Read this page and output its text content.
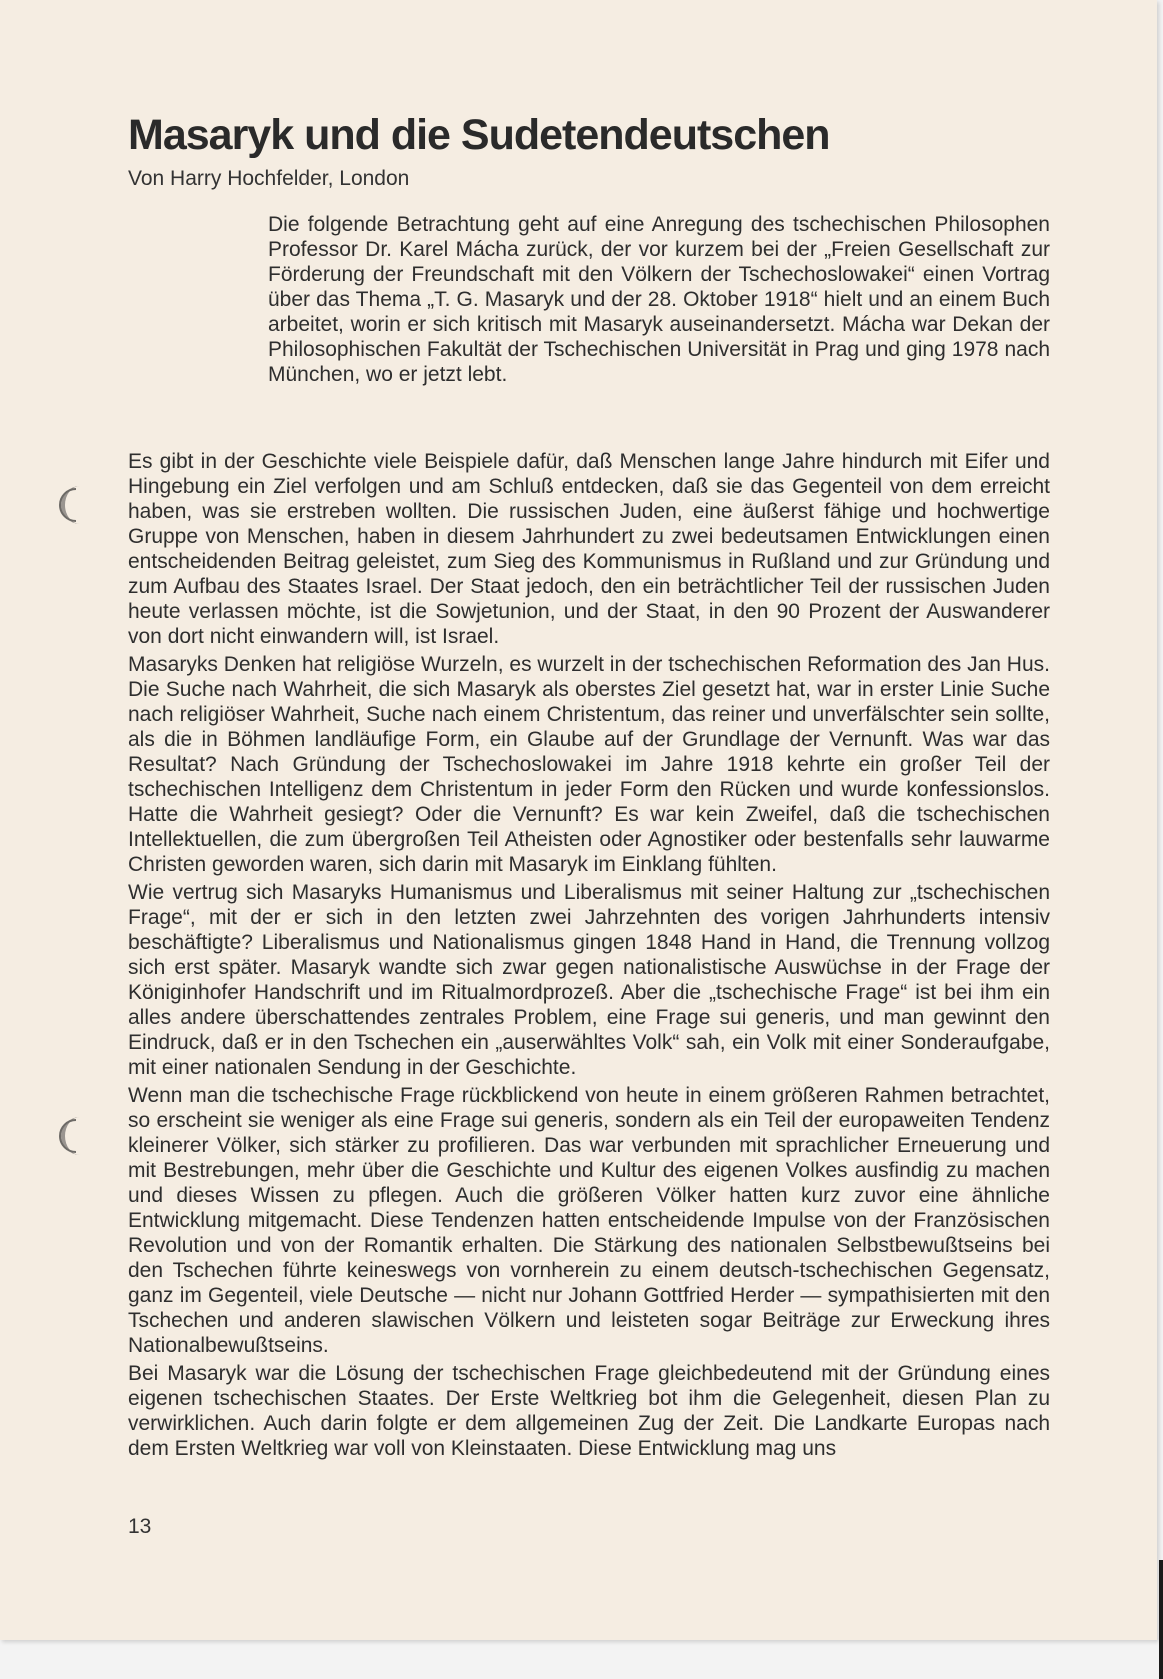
Masaryk und die Sudetendeutschen
Von Harry Hochfelder, London

Die folgende Betrachtung geht auf eine Anregung des tschechischen Philosophen Professor Dr. Karel Mácha zurück, der vor kurzem bei der „Freien Gesellschaft zur Förderung der Freundschaft mit den Völkern der Tschechoslowakei“ einen Vortrag über das Thema „T. G. Masaryk und der 28. Oktober 1918“ hielt und an einem Buch arbeitet, worin er sich kritisch mit Masaryk auseinandersetzt. Mácha war Dekan der Philosophischen Fakultät der Tschechischen Universität in Prag und ging 1978 nach München, wo er jetzt lebt.

Es gibt in der Geschichte viele Beispiele dafür, daß Menschen lange Jahre hindurch mit Eifer und Hingebung ein Ziel verfolgen und am Schluß entdecken, daß sie das Gegenteil von dem erreicht haben, was sie erstreben wollten. Die russischen Juden, eine äußerst fähige und hochwertige Gruppe von Menschen, haben in diesem Jahrhundert zu zwei bedeutsamen Entwicklungen einen entscheidenden Beitrag geleistet, zum Sieg des Kommunismus in Rußland und zur Gründung und zum Aufbau des Staates Israel. Der Staat jedoch, den ein beträchtlicher Teil der russischen Juden heute verlassen möchte, ist die Sowjetunion, und der Staat, in den 90 Prozent der Auswanderer von dort nicht einwandern will, ist Israel.

Masaryks Denken hat religiöse Wurzeln, es wurzelt in der tschechischen Reformation des Jan Hus. Die Suche nach Wahrheit, die sich Masaryk als oberstes Ziel gesetzt hat, war in erster Linie Suche nach religiöser Wahrheit, Suche nach einem Christentum, das reiner und unverfälschter sein sollte, als die in Böhmen landläufige Form, ein Glaube auf der Grundlage der Vernunft. Was war das Resultat? Nach Gründung der Tschechoslowakei im Jahre 1918 kehrte ein großer Teil der tschechischen Intelligenz dem Christentum in jeder Form den Rücken und wurde konfessionslos. Hatte die Wahrheit gesiegt? Oder die Vernunft? Es war kein Zweifel, daß die tschechischen Intellektuellen, die zum übergroßen Teil Atheisten oder Agnostiker oder bestenfalls sehr lauwarme Christen geworden waren, sich darin mit Masaryk im Einklang fühlten.

Wie vertrug sich Masaryks Humanismus und Liberalismus mit seiner Haltung zur „tschechischen Frage“, mit der er sich in den letzten zwei Jahrzehnten des vorigen Jahrhunderts intensiv beschäftigte? Liberalismus und Nationalismus gingen 1848 Hand in Hand, die Trennung vollzog sich erst später. Masaryk wandte sich zwar gegen nationalistische Auswüchse in der Frage der Königinhofer Handschrift und im Ritualmordprozeß. Aber die „tschechische Frage“ ist bei ihm ein alles andere überschattendes zentrales Problem, eine Frage sui generis, und man gewinnt den Eindruck, daß er in den Tschechen ein „auserwähltes Volk“ sah, ein Volk mit einer Sonderaufgabe, mit einer nationalen Sendung in der Geschichte.

Wenn man die tschechische Frage rückblickend von heute in einem größeren Rahmen betrachtet, so erscheint sie weniger als eine Frage sui generis, sondern als ein Teil der europaweiten Tendenz kleinerer Völker, sich stärker zu profilieren. Das war verbunden mit sprachlicher Erneuerung und mit Bestrebungen, mehr über die Geschichte und Kultur des eigenen Volkes ausfindig zu machen und dieses Wissen zu pflegen. Auch die größeren Völker hatten kurz zuvor eine ähnliche Entwicklung mitgemacht. Diese Tendenzen hatten entscheidende Impulse von der Französischen Revolution und von der Romantik erhalten. Die Stärkung des nationalen Selbstbewußtseins bei den Tschechen führte keineswegs von vornherein zu einem deutsch-tschechischen Gegensatz, ganz im Gegenteil, viele Deutsche — nicht nur Johann Gottfried Herder — sympathisierten mit den Tschechen und anderen slawischen Völkern und leisteten sogar Beiträge zur Erweckung ihres Nationalbewußtseins.

Bei Masaryk war die Lösung der tschechischen Frage gleichbedeutend mit der Gründung eines eigenen tschechischen Staates. Der Erste Weltkrieg bot ihm die Gelegenheit, diesen Plan zu verwirklichen. Auch darin folgte er dem allgemeinen Zug der Zeit. Die Landkarte Europas nach dem Ersten Weltkrieg war voll von Kleinstaaten. Diese Entwicklung mag uns

13
